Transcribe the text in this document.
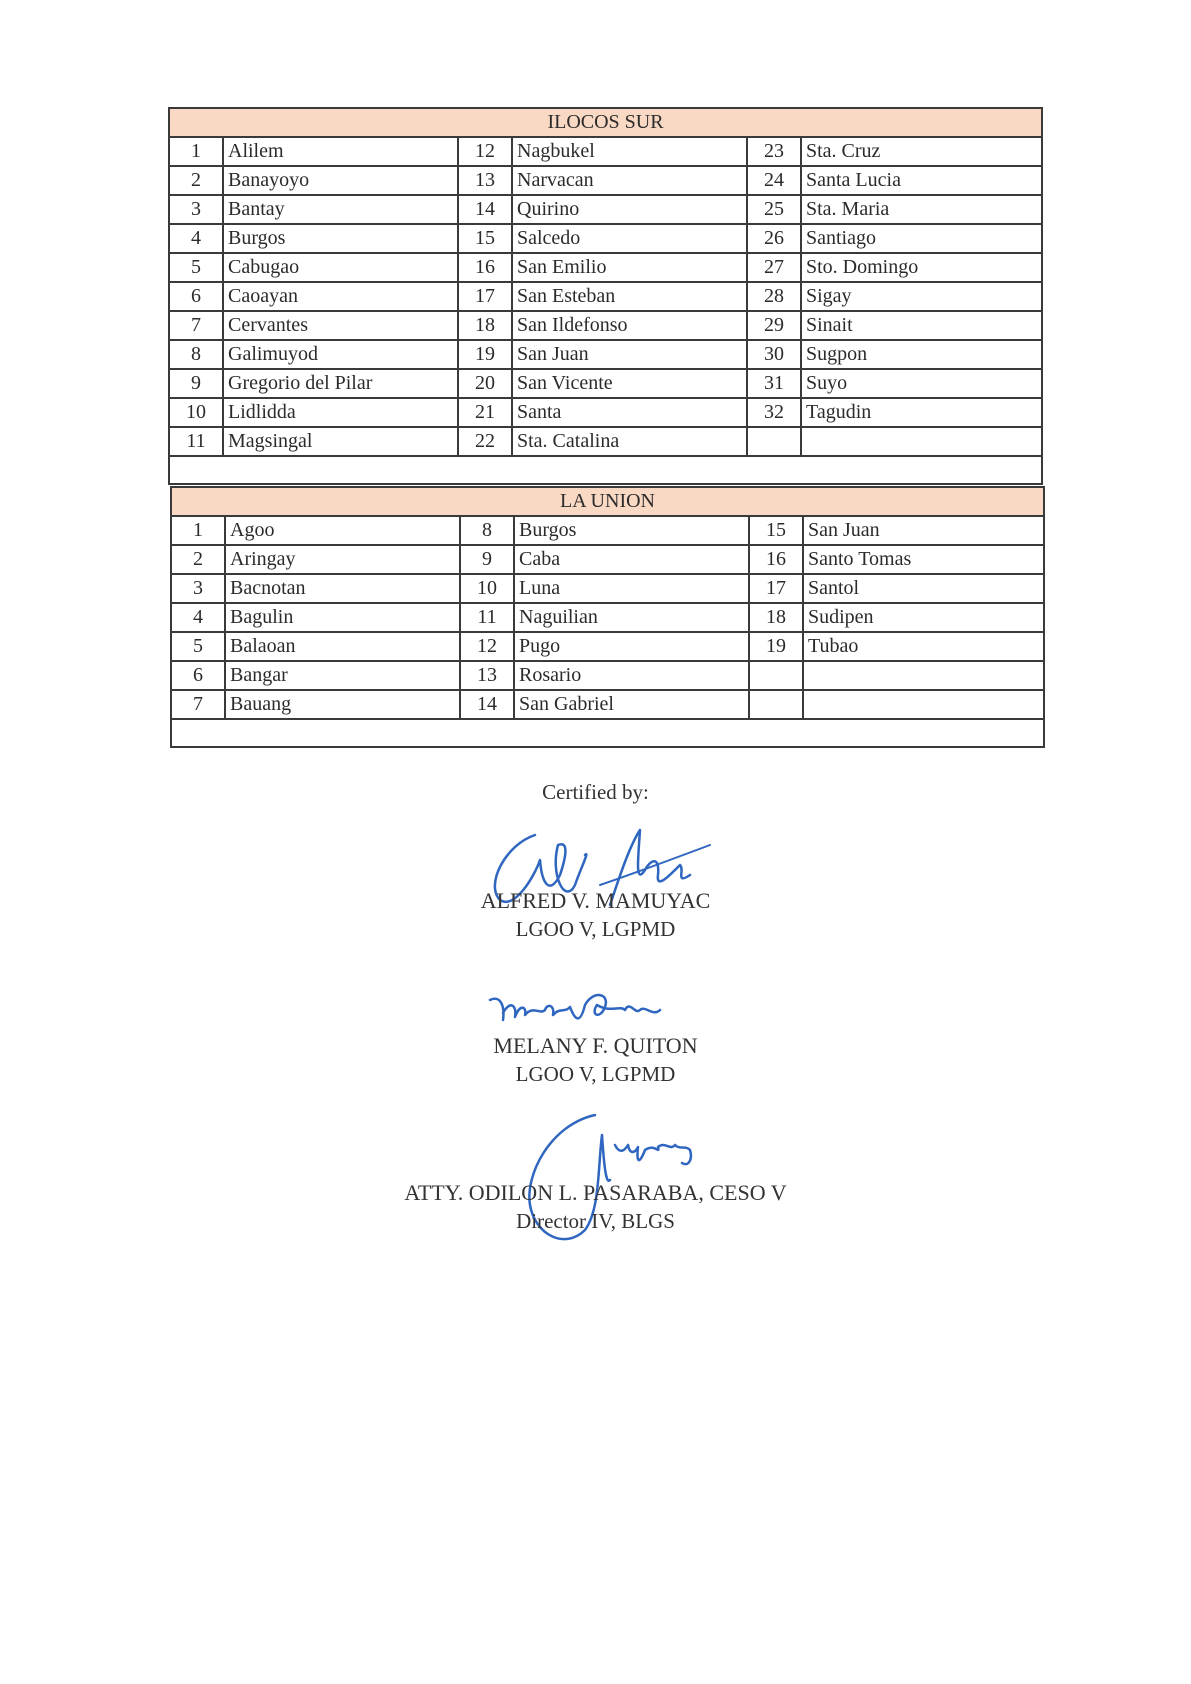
ILOCOS SUR					
1	Alilem	12	Nagbukel	23	Sta. Cruz
2	Banayoyo	13	Narvacan	24	Santa Lucia
3	Bantay	14	Quirino	25	Sta. Maria
4	Burgos	15	Salcedo	26	Santiago
5	Cabugao	16	San Emilio	27	Sto. Domingo
6	Caoayan	17	San Esteban	28	Sigay
7	Cervantes	18	San Ildefonso	29	Sinait
8	Galimuyod	19	San Juan	30	Sugpon
9	Gregorio del Pilar	20	San Vicente	31	Suyo
10	Lidlidda	21	Santa	32	Tagudin
11	Magsingal	22	Sta. Catalina		

LA UNION					
1	Agoo	8	Burgos	15	San Juan
2	Aringay	9	Caba	16	Santo Tomas
3	Bacnotan	10	Luna	17	Santol
4	Bagulin	11	Naguilian	18	Sudipen
5	Balaoan	12	Pugo	19	Tubao
6	Bangar	13	Rosario		
7	Bauang	14	San Gabriel		

Certified by:
ALFRED V. MAMUYAC
LGOO V, LGPMD
MELANY F. QUITON
LGOO V, LGPMD
ATTY. ODILON L. PASARABA, CESO V
Director IV, BLGS
